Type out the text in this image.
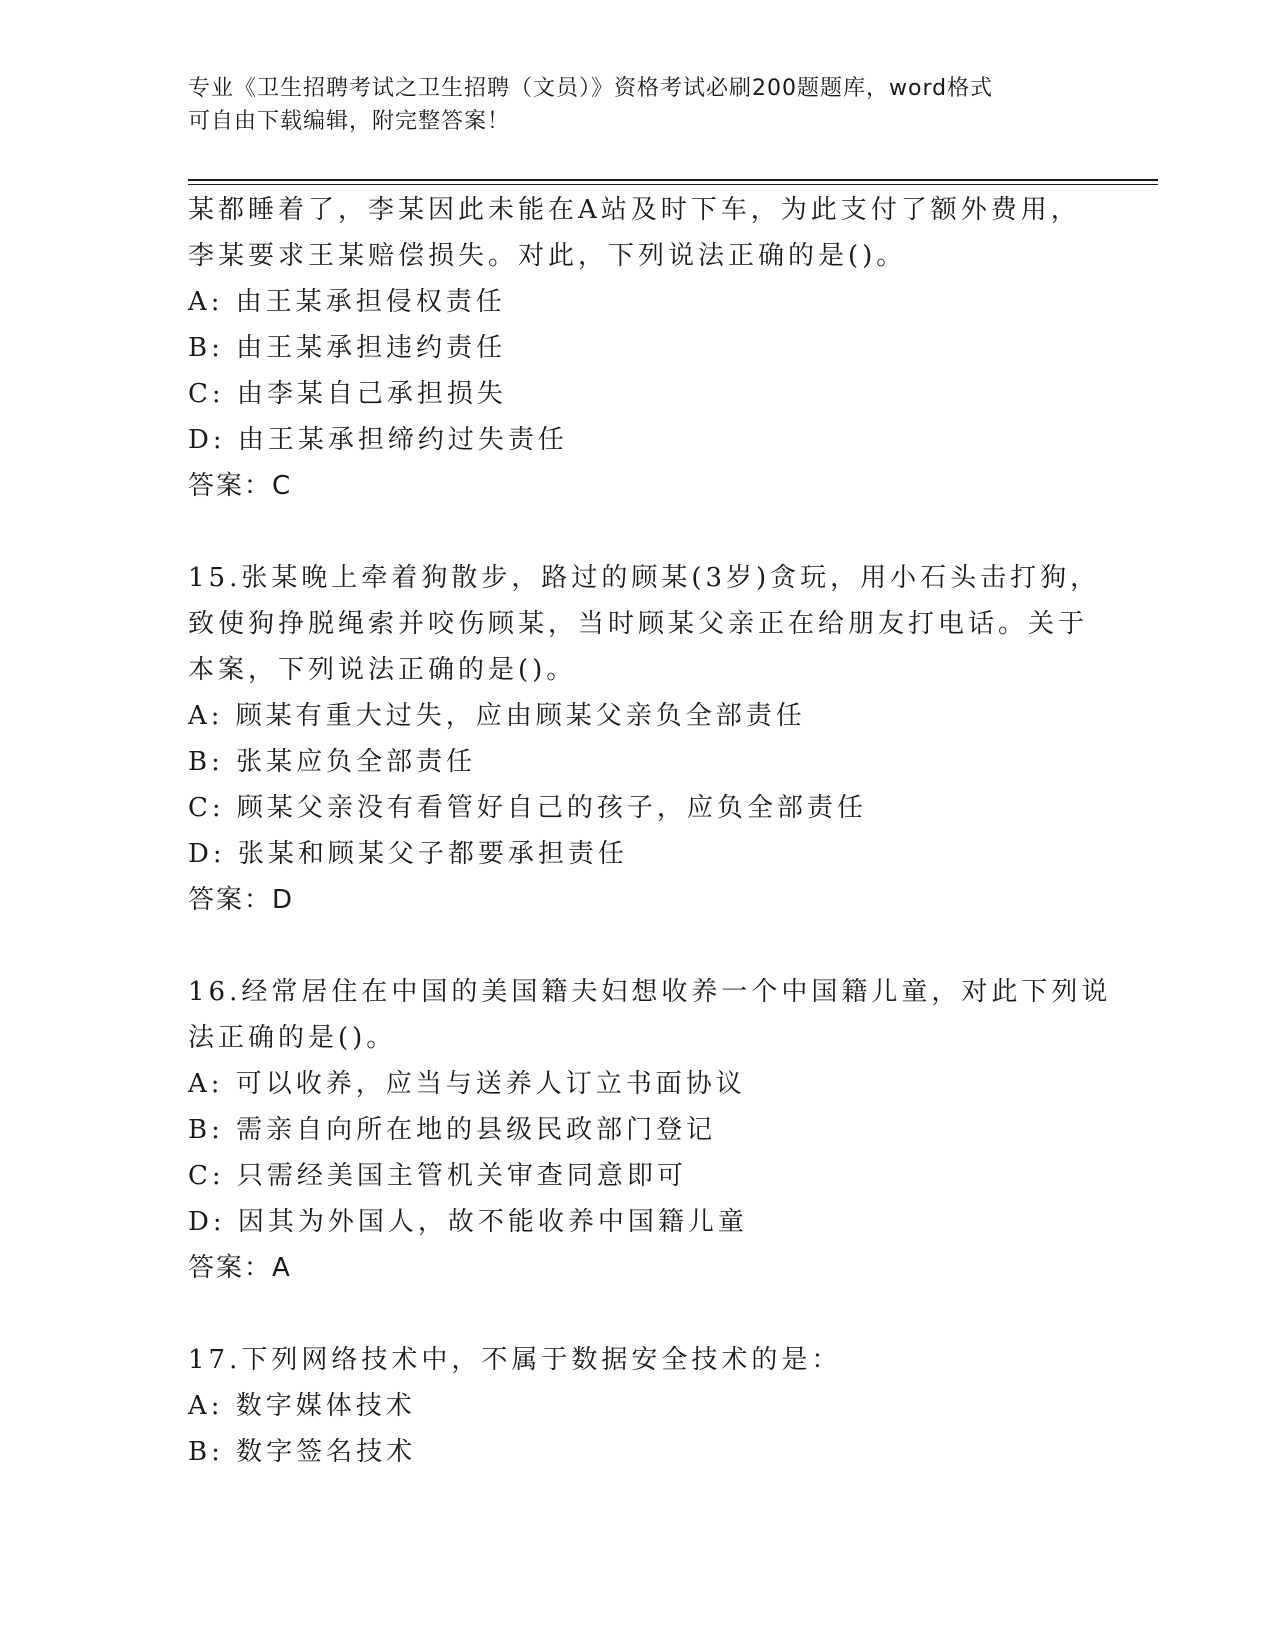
专业《卫生招聘考试之卫生招聘（文员）》资格考试必刷200题题库，word格式
可自由下载编辑，附完整答案！
某都睡着了，李某因此未能在A站及时下车，为此支付了额外费用，
李某要求王某赔偿损失。对此，下列说法正确的是()。
A: 由王某承担侵权责任
B: 由王某承担违约责任
C: 由李某自己承担损失
D: 由王某承担缔约过失责任
答案：C
15.张某晚上牵着狗散步，路过的顾某(3岁)贪玩，用小石头击打狗，
致使狗挣脱绳索并咬伤顾某，当时顾某父亲正在给朋友打电话。关于
本案，下列说法正确的是()。
A: 顾某有重大过失，应由顾某父亲负全部责任
B: 张某应负全部责任
C: 顾某父亲没有看管好自己的孩子，应负全部责任
D: 张某和顾某父子都要承担责任
答案：D
16.经常居住在中国的美国籍夫妇想收养一个中国籍儿童，对此下列说
法正确的是()。
A: 可以收养，应当与送养人订立书面协议
B: 需亲自向所在地的县级民政部门登记
C: 只需经美国主管机关审查同意即可
D: 因其为外国人，故不能收养中国籍儿童
答案：A
17.下列网络技术中，不属于数据安全技术的是：
A: 数字媒体技术
B: 数字签名技术
